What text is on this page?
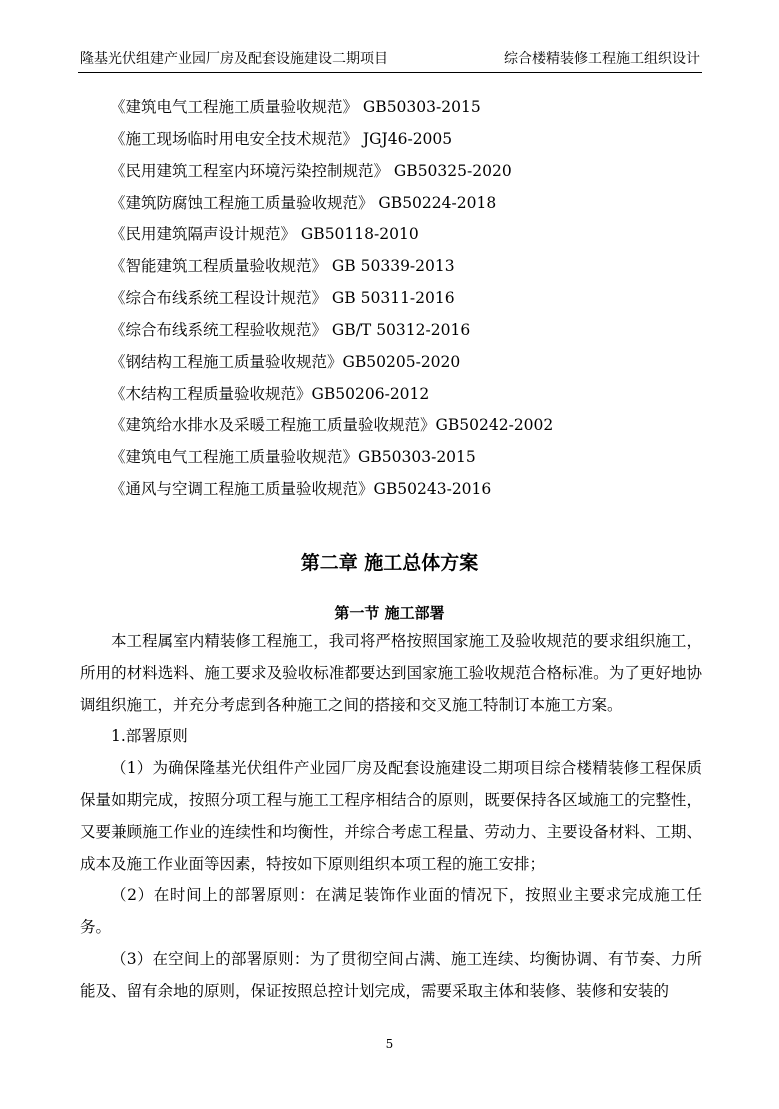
隆基光伏组建产业园厂房及配套设施建设二期项目	综合楼精装修工程施工组织设计
《建筑电气工程施工质量验收规范》 GB50303-2015
《施工现场临时用电安全技术规范》 JGJ46-2005
《民用建筑工程室内环境污染控制规范》 GB50325-2020
《建筑防腐蚀工程施工质量验收规范》 GB50224-2018
《民用建筑隔声设计规范》 GB50118-2010
《智能建筑工程质量验收规范》 GB 50339-2013
《综合布线系统工程设计规范》 GB 50311-2016
《综合布线系统工程验收规范》 GB/T 50312-2016
《钢结构工程施工质量验收规范》GB50205-2020
《木结构工程质量验收规范》GB50206-2012
《建筑给水排水及采暖工程施工质量验收规范》GB50242-2002
《建筑电气工程施工质量验收规范》GB50303-2015
《通风与空调工程施工质量验收规范》GB50243-2016
第二章 施工总体方案
第一节 施工部署

本工程属室内精装修工程施工，我司将严格按照国家施工及验收规范的要求组织施工，所用的材料选料、施工要求及验收标准都要达到国家施工验收规范合格标准。为了更好地协调组织施工，并充分考虑到各种施工之间的搭接和交叉施工特制订本施工方案。

1.部署原则

（1）为确保隆基光伏组件产业园厂房及配套设施建设二期项目综合楼精装修工程保质保量如期完成，按照分项工程与施工工程序相结合的原则，既要保持各区域施工的完整性，又要兼顾施工作业的连续性和均衡性，并综合考虑工程量、劳动力、主要设备材料、工期、成本及施工作业面等因素，特按如下原则组织本项工程的施工安排；

（2）在时间上的部署原则：在满足装饰作业面的情况下，按照业主要求完成施工任务。

（3）在空间上的部署原则：为了贯彻空间占满、施工连续、均衡协调、有节奏、力所能及、留有余地的原则，保证按照总控计划完成，需要采取主体和装修、装修和安装的

5
